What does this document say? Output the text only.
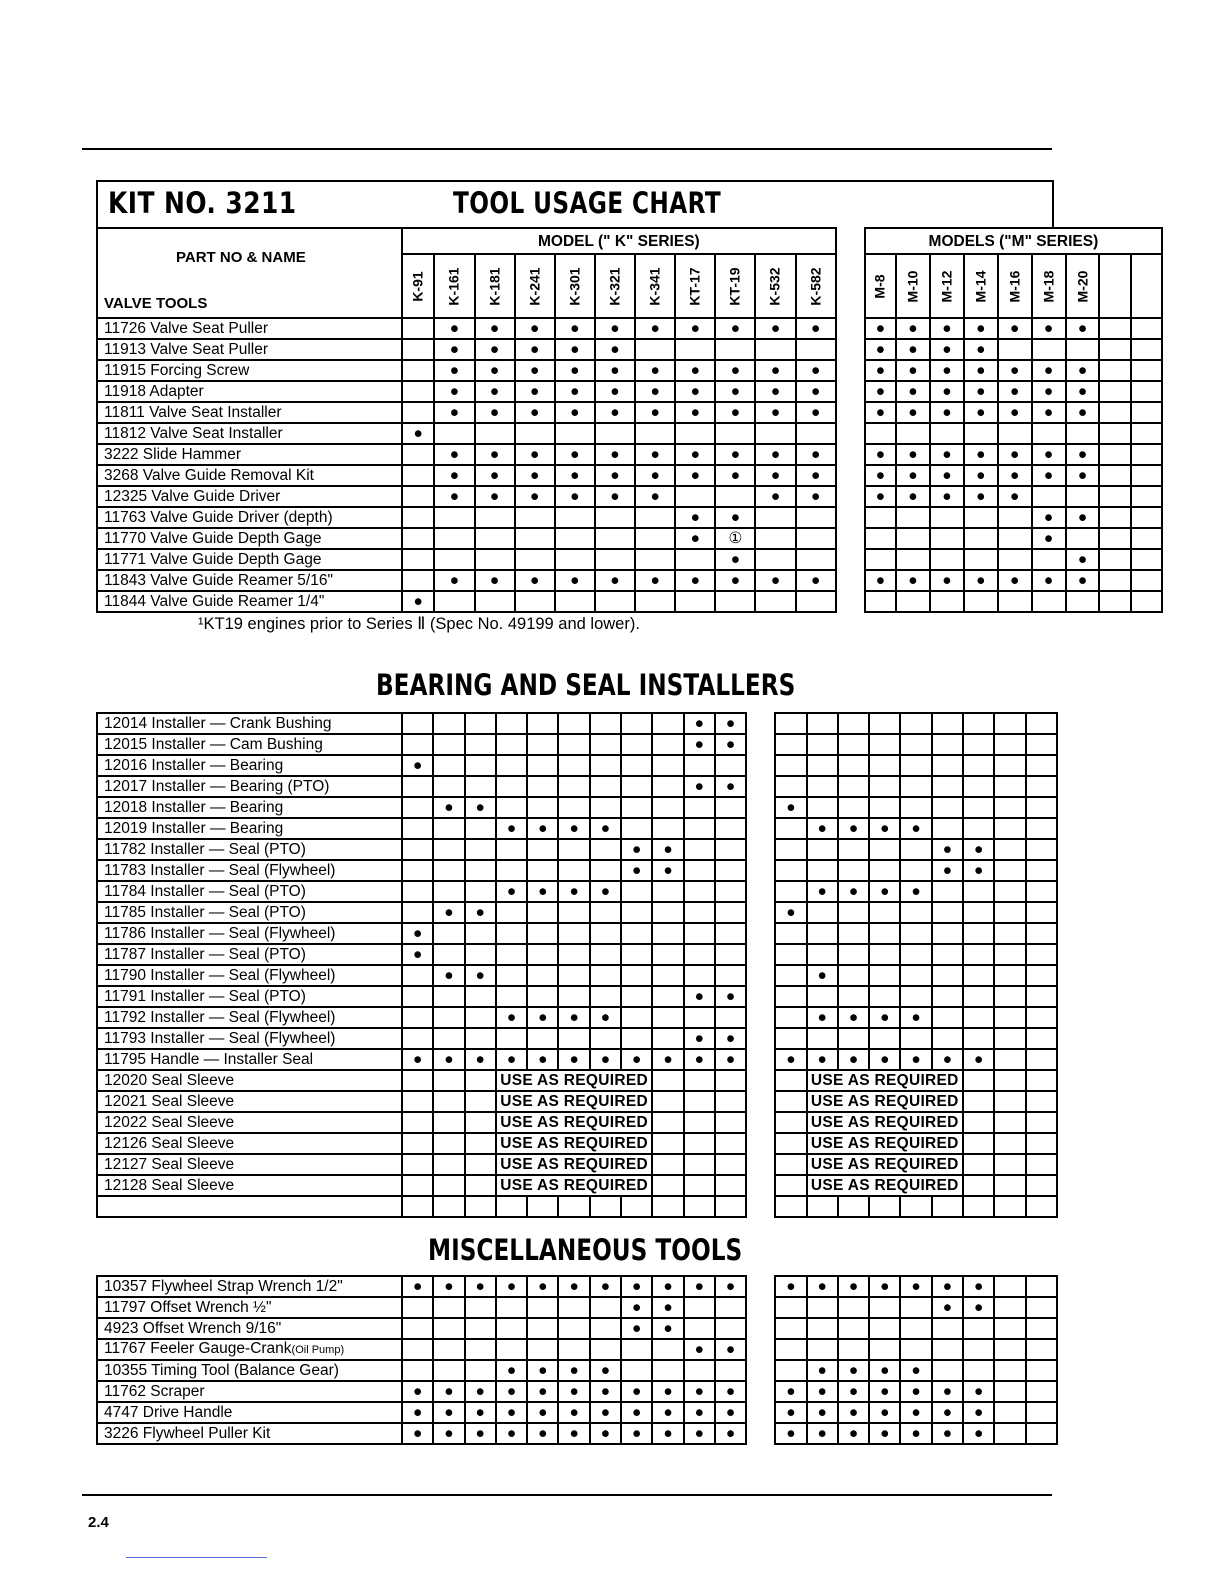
KIT NO. 3211	TOOL USAGE CHART
PART NO & NAME
VALVE TOOLS	MODEL (" K" SERIES)												MODELS ("M" SERIES)								
	K-91	K-161	K-181	K-241	K-301	K-321	K-341	KT-17	KT-19	K-532	K-582		M-8	M-10	M-12	M-14	M-16	M-18	M-20		
11726 Valve Seat Puller		●	●	●	●	●	●	●	●	●	●		●	●	●	●	●	●	●		
11913 Valve Seat Puller		●	●	●	●	●							●	●	●	●					
11915 Forcing Screw		●	●	●	●	●	●	●	●	●	●		●	●	●	●	●	●	●		
11918 Adapter		●	●	●	●	●	●	●	●	●	●		●	●	●	●	●	●	●		
11811 Valve Seat Installer		●	●	●	●	●	●	●	●	●	●		●	●	●	●	●	●	●		
11812 Valve Seat Installer	●																				
3222 Slide Hammer		●	●	●	●	●	●	●	●	●	●		●	●	●	●	●	●	●		
3268 Valve Guide Removal Kit		●	●	●	●	●	●	●	●	●	●		●	●	●	●	●	●	●		
12325 Valve Guide Driver		●	●	●	●	●	●			●	●		●	●	●	●	●				
11763 Valve Guide Driver (depth)								●	●									●	●		
11770 Valve Guide Depth Gage								●	①									●			
11771 Valve Guide Depth Gage									●										●		
11843 Valve Guide Reamer 5/16"		●	●	●	●	●	●	●	●	●	●		●	●	●	●	●	●	●		
11844 Valve Guide Reamer 1/4"	●																				
¹KT19 engines prior to Series Ⅱ (Spec No. 49199 and lower).
BEARING AND SEAL INSTALLERS
12014 Installer — Crank Bushing										●	●										
12015 Installer — Cam Bushing										●	●										
12016 Installer — Bearing	●																				
12017 Installer — Bearing (PTO)										●	●										
12018 Installer — Bearing		●	●										●								
12019 Installer — Bearing				●	●	●	●							●	●	●	●				
11782 Installer — Seal (PTO)								●	●									●	●		
11783 Installer — Seal (Flywheel)								●	●									●	●		
11784 Installer — Seal (PTO)				●	●	●	●							●	●	●	●				
11785 Installer — Seal (PTO)		●	●										●								
11786 Installer — Seal (Flywheel)	●																				
11787 Installer — Seal (PTO)	●																				
11790 Installer — Seal (Flywheel)		●	●											●							
11791 Installer — Seal (PTO)										●	●										
11792 Installer — Seal (Flywheel)				●	●	●	●							●	●	●	●				
11793 Installer — Seal (Flywheel)										●	●										
11795 Handle — Installer Seal	●	●	●	●	●	●	●	●	●	●	●		●	●	●	●	●	●	●		
12020 Seal Sleeve				USE AS REQUIRED										USE AS REQUIRED							
12021 Seal Sleeve				USE AS REQUIRED										USE AS REQUIRED							
12022 Seal Sleeve				USE AS REQUIRED										USE AS REQUIRED							
12126 Seal Sleeve				USE AS REQUIRED										USE AS REQUIRED							
12127 Seal Sleeve				USE AS REQUIRED										USE AS REQUIRED							
12128 Seal Sleeve				USE AS REQUIRED										USE AS REQUIRED							

MISCELLANEOUS TOOLS
10357 Flywheel Strap Wrench 1/2"	●	●	●	●	●	●	●	●	●	●	●		●	●	●	●	●	●	●		
11797 Offset Wrench ½"								●	●									●	●		
4923 Offset Wrench 9/16"								●	●												
11767 Feeler Gauge-Crank(Oil Pump)										●	●										
10355 Timing Tool (Balance Gear)				●	●	●	●							●	●	●	●				
11762 Scraper	●	●	●	●	●	●	●	●	●	●	●		●	●	●	●	●	●	●		
4747 Drive Handle	●	●	●	●	●	●	●	●	●	●	●		●	●	●	●	●	●	●		
3226 Flywheel Puller Kit	●	●	●	●	●	●	●	●	●	●	●		●	●	●	●	●	●	●		
2.4
